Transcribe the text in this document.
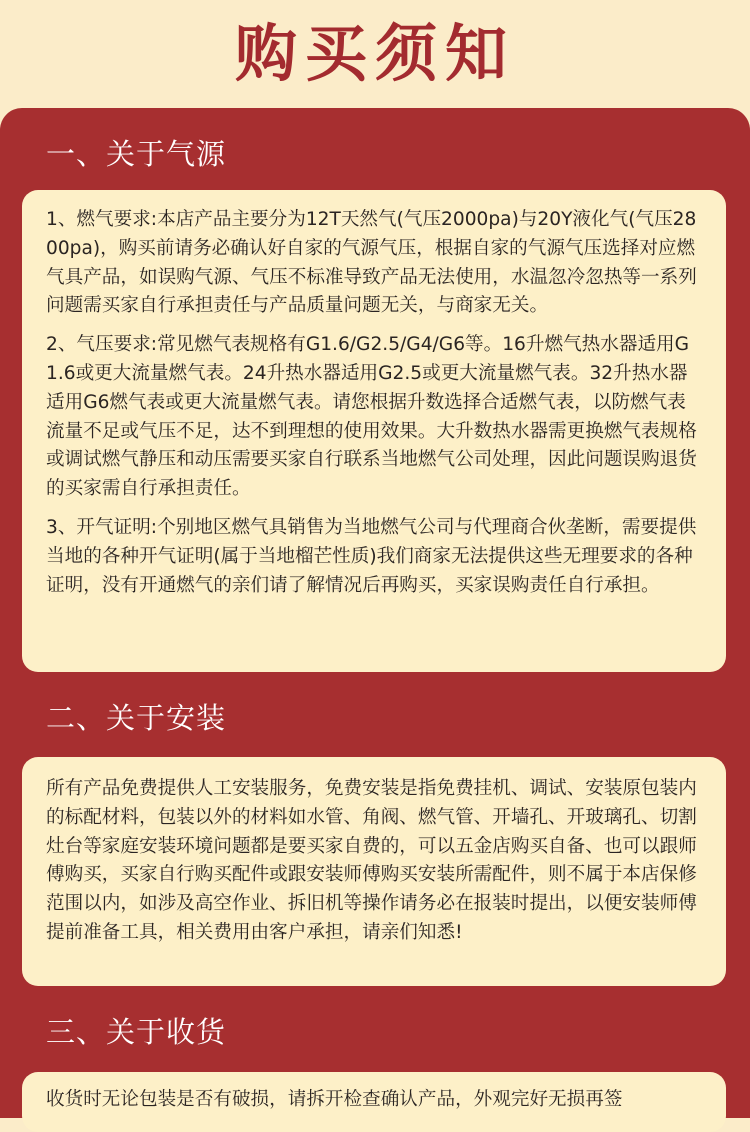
购买须知
一、关于气源

1、燃气要求:本店产品主要分为12T天然气(气压2000pa)与20Y液化气(气压2800pa)，购买前请务必确认好自家的气源气压，根据自家的气源气压选择对应燃气具产品，如误购气源、气压不标准导致产品无法使用，水温忽冷忽热等一系列问题需买家自行承担责任与产品质量问题无关，与商家无关。

2、气压要求:常见燃气表规格有G1.6/G2.5/G4/G6等。16升燃气热水器适用G1.6或更大流量燃气表。24升热水器适用G2.5或更大流量燃气表。32升热水器适用G6燃气表或更大流量燃气表。请您根据升数选择合适燃气表，以防燃气表流量不足或气压不足，达不到理想的使用效果。大升数热水器需更换燃气表规格或调试燃气静压和动压需要买家自行联系当地燃气公司处理，因此问题误购退货的买家需自行承担责任。

3、开气证明:个别地区燃气具销售为当地燃气公司与代理商合伙垄断，需要提供当地的各种开气证明(属于当地榴芒性质)我们商家无法提供这些无理要求的各种证明，没有开通燃气的亲们请了解情况后再购买，买家误购责任自行承担。

二、关于安装

所有产品免费提供人工安装服务，免费安装是指免费挂机、调试、安装原包装内的标配材料，包装以外的材料如水管、角阀、燃气管、开墙孔、开玻璃孔、切割灶台等家庭安装环境问题都是要买家自费的，可以五金店购买自备、也可以跟师傅购买，买家自行购买配件或跟安装师傅购买安装所需配件，则不属于本店保修范围以内，如涉及高空作业、拆旧机等操作请务必在报装时提出，以便安装师傅提前准备工具，相关费用由客户承担，请亲们知悉!

三、关于收货

收货时无论包装是否有破损，请拆开检查确认产品，外观完好无损再签
